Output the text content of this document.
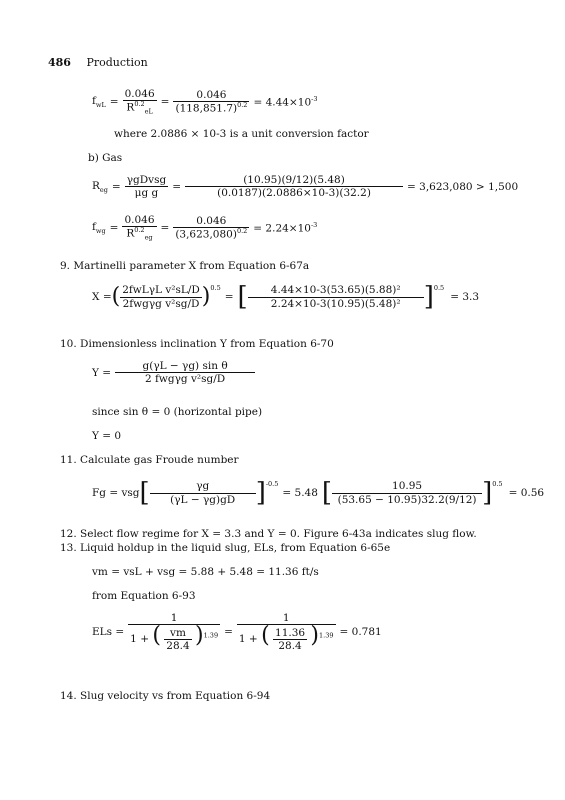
486 Production
$f_{wL} = \frac{0.046}{R^{0.2}_{eL}} = \frac{0.046}{(118,851.7)^{0.2}} = 4.44\times 10^{-3}$
where 2.0886 × 10-3 is a unit conversion factor
b) Gas
$R_{eg} = \frac{\text{γgDvsg}}{\text{μg g}} = \frac{(10.95)(9/12)(5.48)}{(0.0187)(2.0886\times 10-3)(32.2)} = 3,623,080 > 1,500$
$f_{wg} = \frac{0.046}{R^{0.2}_{eg}} = \frac{0.046}{(3,623,080)^{0.2}} = 2.24\times 10^{-3}$
9. Martinelli parameter X from Equation 6-67a
X = ( $\frac{\text{2fwLγL v²sL/D}}{\text{2fwgγg v²sg/D}} )^{0.5}$
= [ $\frac{\text{4.44×10-3(53.65)(5.88)²}}{\text{2.24×10-3(10.95)(5.48)²}} ]^{0.5}$
= 3.3
10. Dimensionless inclination Y from Equation 6-70
$Y = \frac{\text{g(γL − γg) sin θ}}{\text{2 fwgγg v²sg/D}}$
since sin θ = 0 (horizontal pipe)
Y = 0
11. Calculate gas Froude number
Fg = vsg [ $\frac{\gamma g}{(\gamma L - \gamma g)gD} ]^{-0.5}$
= 5.48 [ $\frac{10.95}{(53.65 - 10.95)32.2(9/12)} ]^{0.5}$
= 0.56
12. Select flow regime for X = 3.3 and Y = 0. Figure 6-43a indicates slug flow.
13. Liquid holdup in the liquid slug, ELs, from Equation 6-65e
vm = vsL + vsg = 5.88 + 5.48 = 11.36 ft/s
from Equation 6-93
ELs = $\frac{1}{1 + ( \frac{vm}{28.4} )^{1.39}} = \frac{1}{1 + ( \frac{11.36}{28.4} )^{1.39}} = 0.781$
14. Slug velocity vs from Equation 6-94
